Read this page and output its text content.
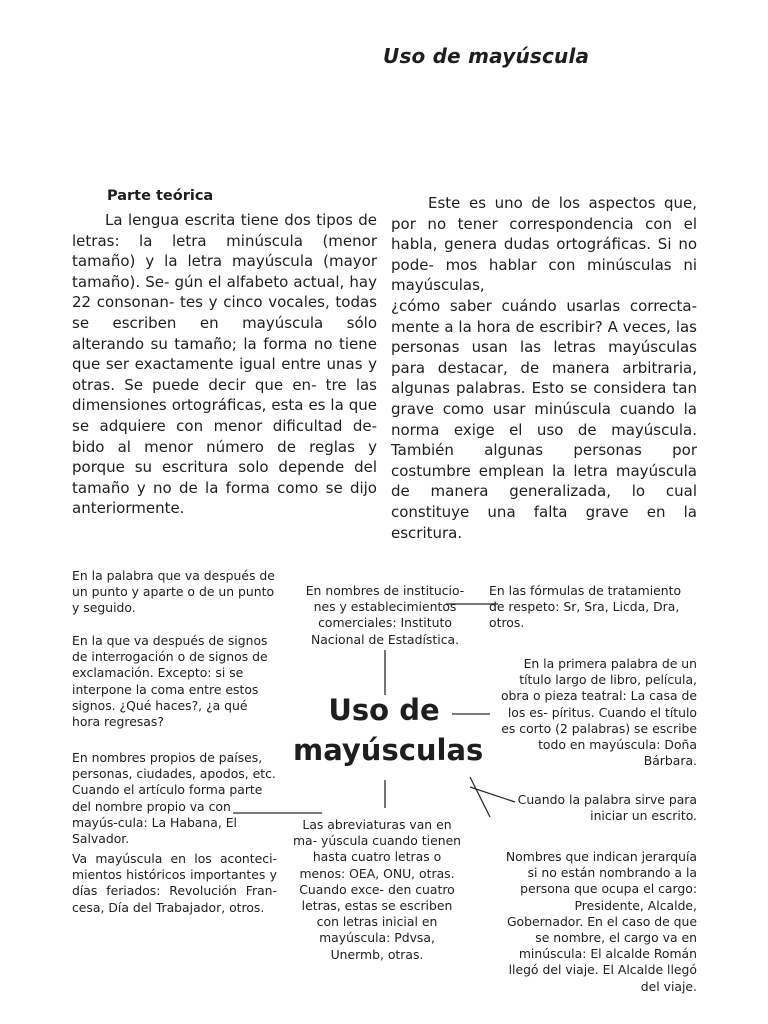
Uso de mayúscula
Parte teórica
La lengua escrita tiene dos tipos de letras: la letra minúscula (menor tamaño) y la letra mayúscula (mayor tamaño). Se- gún el alfabeto actual, hay 22 consonan- tes y cinco vocales, todas se escriben en mayúscula sólo alterando su tamaño; la forma no tiene que ser exactamente igual entre unas y otras. Se puede decir que en- tre las dimensiones ortográficas, esta es la que se adquiere con menor dificultad de- bido al menor número de reglas y porque su escritura solo depende del tamaño y no de la forma como se dijo anteriormente.

Este es uno de los aspectos que, por no tener correspondencia con el habla, genera dudas ortográficas. Si no pode- mos hablar con minúsculas ni mayúsculas,

¿cómo saber cuándo usarlas correcta- mente a la hora de escribir? A veces, las personas usan las letras mayúsculas para destacar, de manera arbitraria, algunas palabras. Esto se considera tan grave como usar minúscula cuando la norma exige el uso de mayúscula. También algunas personas por costumbre emplean la letra mayúscula de manera generalizada, lo cual constituye una falta grave en la escritura.

En la palabra que va después de un punto y aparte o de un punto y seguido.

En la que va después de signos de interrogación o de signos de exclamación. Excepto: si se interpone la coma entre estos signos. ¿Qué haces?, ¿a qué hora regresas?

En nombres propios de países, personas, ciudades, apodos, etc. Cuando el artículo forma parte del nombre propio va con mayús-cula: La Habana, El Salvador.

Va mayúscula en los aconteci- mientos históricos importantes y días feriados: Revolución Fran- cesa, Día del Trabajador, otros.

En nombres de institucio- nes y establecimientos comerciales: Instituto Nacional de Estadística.

En las fórmulas de tratamiento de respeto: Sr, Sra, Licda, Dra, otros.

Uso de
mayúsculas

En la primera palabra de un título largo de libro, película, obra o pieza teatral: La casa de los es- píritus. Cuando el título es corto (2 palabras) se escribe todo en mayúscula: Doña Bárbara.

Cuando la palabra sirve para iniciar un escrito.

Nombres que indican jerarquía si no están nombrando a la persona que ocupa el cargo: Presidente, Alcalde, Gobernador. En el caso de que se nombre, el cargo va en minúscula: El alcalde Román llegó del viaje. El Alcalde llegó del viaje.

Las abreviaturas van en ma- yúscula cuando tienen hasta cuatro letras o menos: OEA, ONU, otras. Cuando exce- den cuatro letras, estas se escriben con letras inicial en mayúscula: Pdvsa, Unermb, otras.
